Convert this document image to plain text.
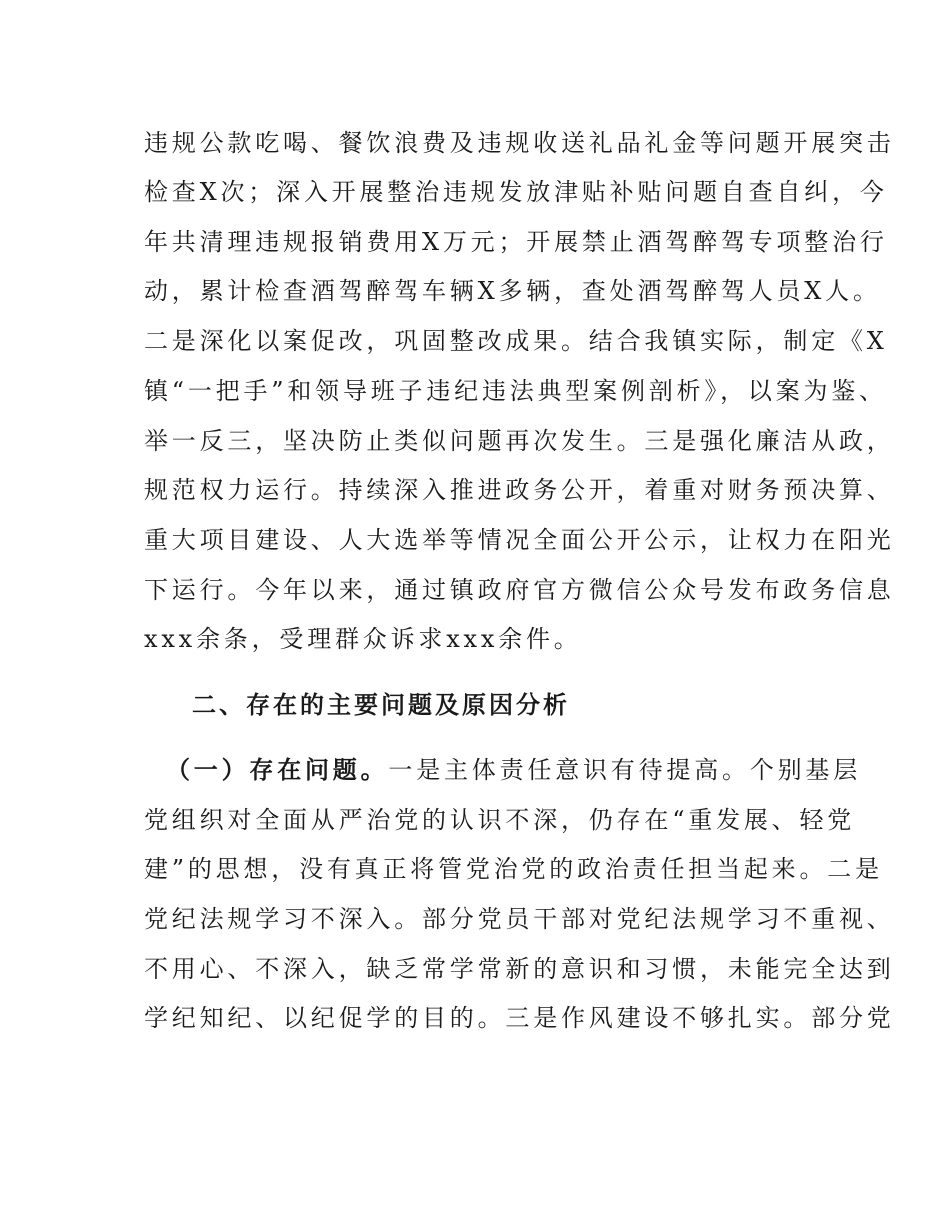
违规公款吃喝、餐饮浪费及违规收送礼品礼金等问题开展突击
检查X次；深入开展整治违规发放津贴补贴问题自查自纠，今
年共清理违规报销费用X万元；开展禁止酒驾醉驾专项整治行
动，累计检查酒驾醉驾车辆X多辆，查处酒驾醉驾人员X人。
二是深化以案促改，巩固整改成果。结合我镇实际，制定《X
镇“一把手”和领导班子违纪违法典型案例剖析》，以案为鉴、
举一反三，坚决防止类似问题再次发生。三是强化廉洁从政，
规范权力运行。持续深入推进政务公开，着重对财务预决算、
重大项目建设、人大选举等情况全面公开公示，让权力在阳光
下运行。今年以来，通过镇政府官方微信公众号发布政务信息
xxx余条，受理群众诉求xxx余件。
二、存在的主要问题及原因分析
（一）存在问题。一是主体责任意识有待提高。个别基层
党组织对全面从严治党的认识不深，仍存在“重发展、轻党
建”的思想，没有真正将管党治党的政治责任担当起来。二是
党纪法规学习不深入。部分党员干部对党纪法规学习不重视、
不用心、不深入，缺乏常学常新的意识和习惯，未能完全达到
学纪知纪、以纪促学的目的。三是作风建设不够扎实。部分党
